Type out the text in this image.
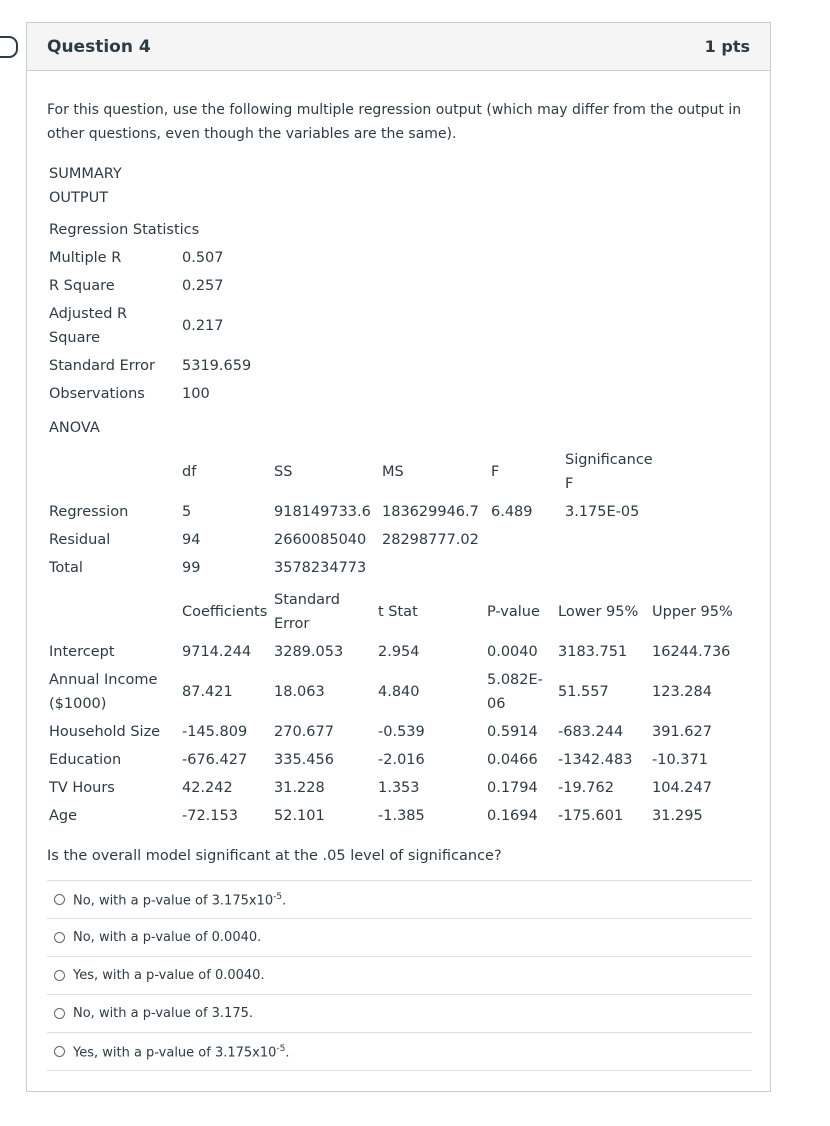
Question 4	1 pts

For this question, use the following multiple regression output (which may differ from the output in other questions, even though the variables are the same).

SUMMARY
OUTPUT	
Regression Statistics	
Multiple R	0.507
R Square	0.257
Adjusted R Square	0.217
Standard Error	5319.659
Observations	100
ANOVA	
	df	SS	MS	F	Significance F
Regression	5	918149733.6	183629946.7	6.489	3.175E-05
Residual	94	2660085040	28298777.02		
Total	99	3578234773			
	Coefficients	Standard Error	t Stat	P-value	Lower 95%	Upper 95%
Intercept	9714.244	3289.053	2.954	0.0040	3183.751	16244.736
Annual Income ($1000)	87.421	18.063	4.840	5.082E-06	51.557	123.284
Household Size	-145.809	270.677	-0.539	0.5914	-683.244	391.627
Education	-676.427	335.456	-2.016	0.0466	-1342.483	-10.371
TV Hours	42.242	31.228	1.353	0.1794	-19.762	104.247
Age	-72.153	52.101	-1.385	0.1694	-175.601	31.295

Is the overall model significant at the .05 level of significance?

No, with a p-value of $3.175x10^{-5}$.
No, with a p-value of 0.0040.
Yes, with a p-value of 0.0040.
No, with a p-value of 3.175.
Yes, with a p-value of $3.175x10^{-5}$.
